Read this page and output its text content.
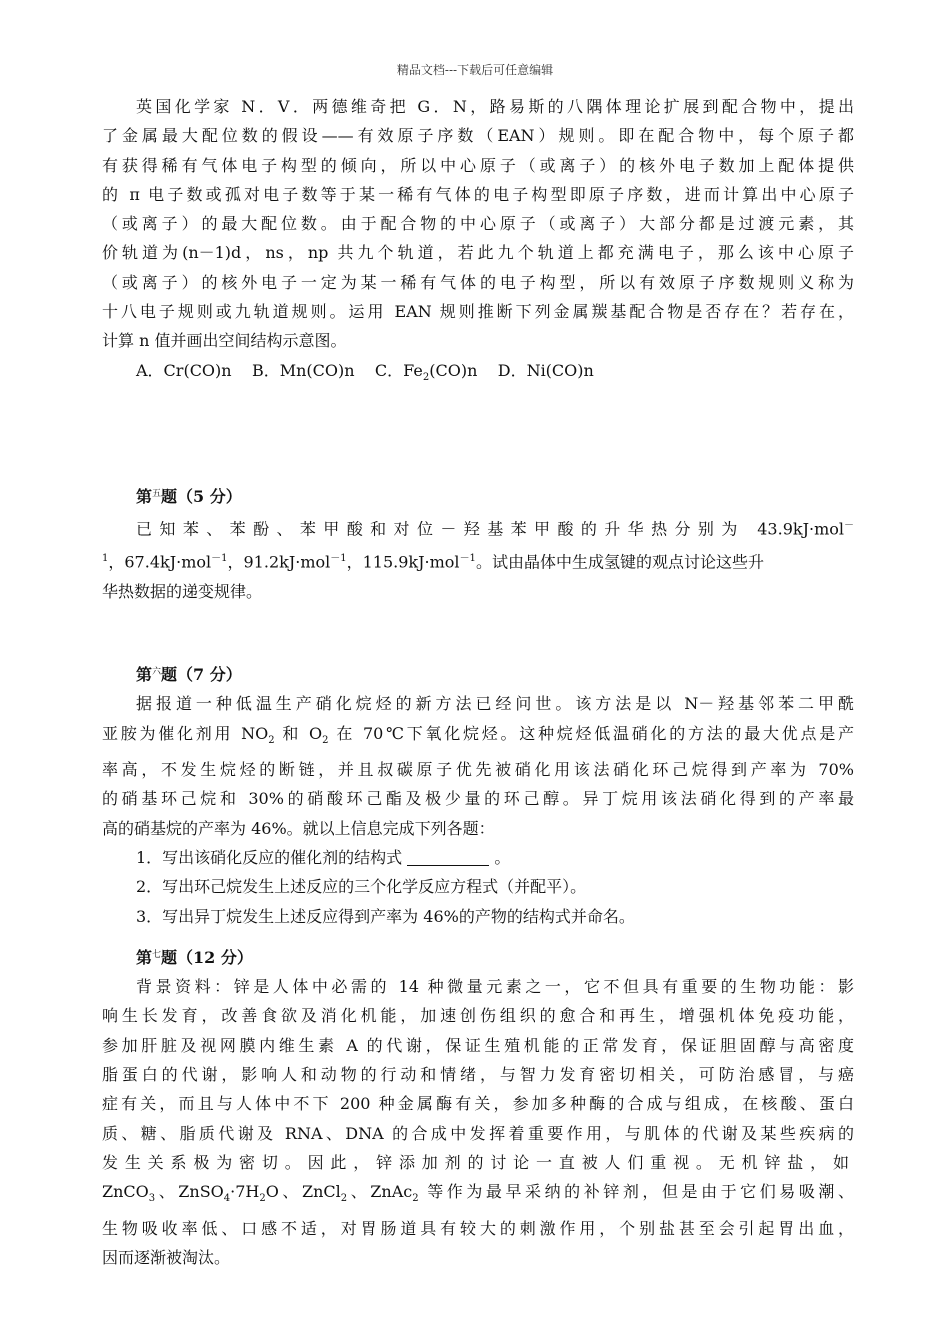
精品文档---下载后可任意编辑

英国化学家 N．V．两德维奇把 G．N，路易斯的八隅体理论扩展到配合物中，提出

了金属最大配位数的假设——有效原子序数（EAN）规则。即在配合物中，每个原子都

有获得稀有气体电子构型的倾向，所以中心原子（或离子）的核外电子数加上配体提供

的 π 电子数或孤对电子数等于某一稀有气体的电子构型即原子序数，进而计算出中心原子

（或离子）的最大配位数。由于配合物的中心原子（或离子）大部分都是过渡元素，其

价轨道为(n－1)d，ns，np 共九个轨道，若此九个轨道上都充满电子，那么该中心原子

（或离子）的核外电子一定为某一稀有气体的电子构型，所以有效原子序数规则义称为

十八电子规则或九轨道规则。运用 EAN 规则推断下列金属羰基配合物是否存在？若存在，

计算 n 值并画出空间结构示意图。

A．Cr(CO)n B．Mn(CO)n C．$Fe_2(CO)n$ D．Ni(CO)n

第$^五$题（5 分）

已知苯、苯酚、苯甲酸和对位－羟基苯甲酸的升华热分别为 43.9kJ·mol－

$^1$，67.4kJ·mol$^{-1}$，91.2kJ·mol$^{-1}$，115.9kJ·mol$^{-1}$。试由晶体中生成氢键的观点讨论这些升

华热数据的递变规律。

第$^六$题（7 分）

据报道一种低温生产硝化烷烃的新方法已经问世。该方法是以 N－羟基邻苯二甲酰

亚胺为催化剂用 $NO_2$ 和 $O_2$ 在 70℃下氧化烷烃。这种烷烃低温硝化的方法的最大优点是产

率高，不发生烷烃的断链，并且叔碳原子优先被硝化用该法硝化环己烷得到产率为 70%

的硝基环己烷和 30%的硝酸环己酯及极少量的环己醇。异丁烷用该法硝化得到的产率最

高的硝基烷的产率为 46%。就以上信息完成下列各题：

1．写出该硝化反应的催化剂的结构式	。

2．写出环己烷发生上述反应的三个化学反应方程式（并配平）。

3．写出异丁烷发生上述反应得到产率为 46%的产物的结构式并命名。

第$^七$题（12 分）

背景资料：锌是人体中必需的 14 种微量元素之一，它不但具有重要的生物功能：影

响生长发育，改善食欲及消化机能，加速创伤组织的愈合和再生，增强机体免疫功能，

参加肝脏及视网膜内维生素 A 的代谢，保证生殖机能的正常发育，保证胆固醇与高密度

脂蛋白的代谢，影响人和动物的行动和情绪，与智力发育密切相关，可防治感冒，与癌

症有关，而且与人体中不下 200 种金属酶有关，参加多种酶的合成与组成，在核酸、蛋白

质、糖、脂质代谢及 RNA、DNA 的合成中发挥着重要作用，与肌体的代谢及某些疾病的

发生关系极为密切。因此，锌添加剂的讨论一直被人们重视。无机锌盐，如

ZnCO$_3$、$ZnSO_4\cdot 7H_2O$、ZnCl$_2$、ZnAc$_2$ 等作为最早采纳的补锌剂，但是由于它们易吸潮、

生物吸收率低、口感不适，对胃肠道具有较大的刺激作用，个别盐甚至会引起胃出血，

因而逐渐被淘汰。
